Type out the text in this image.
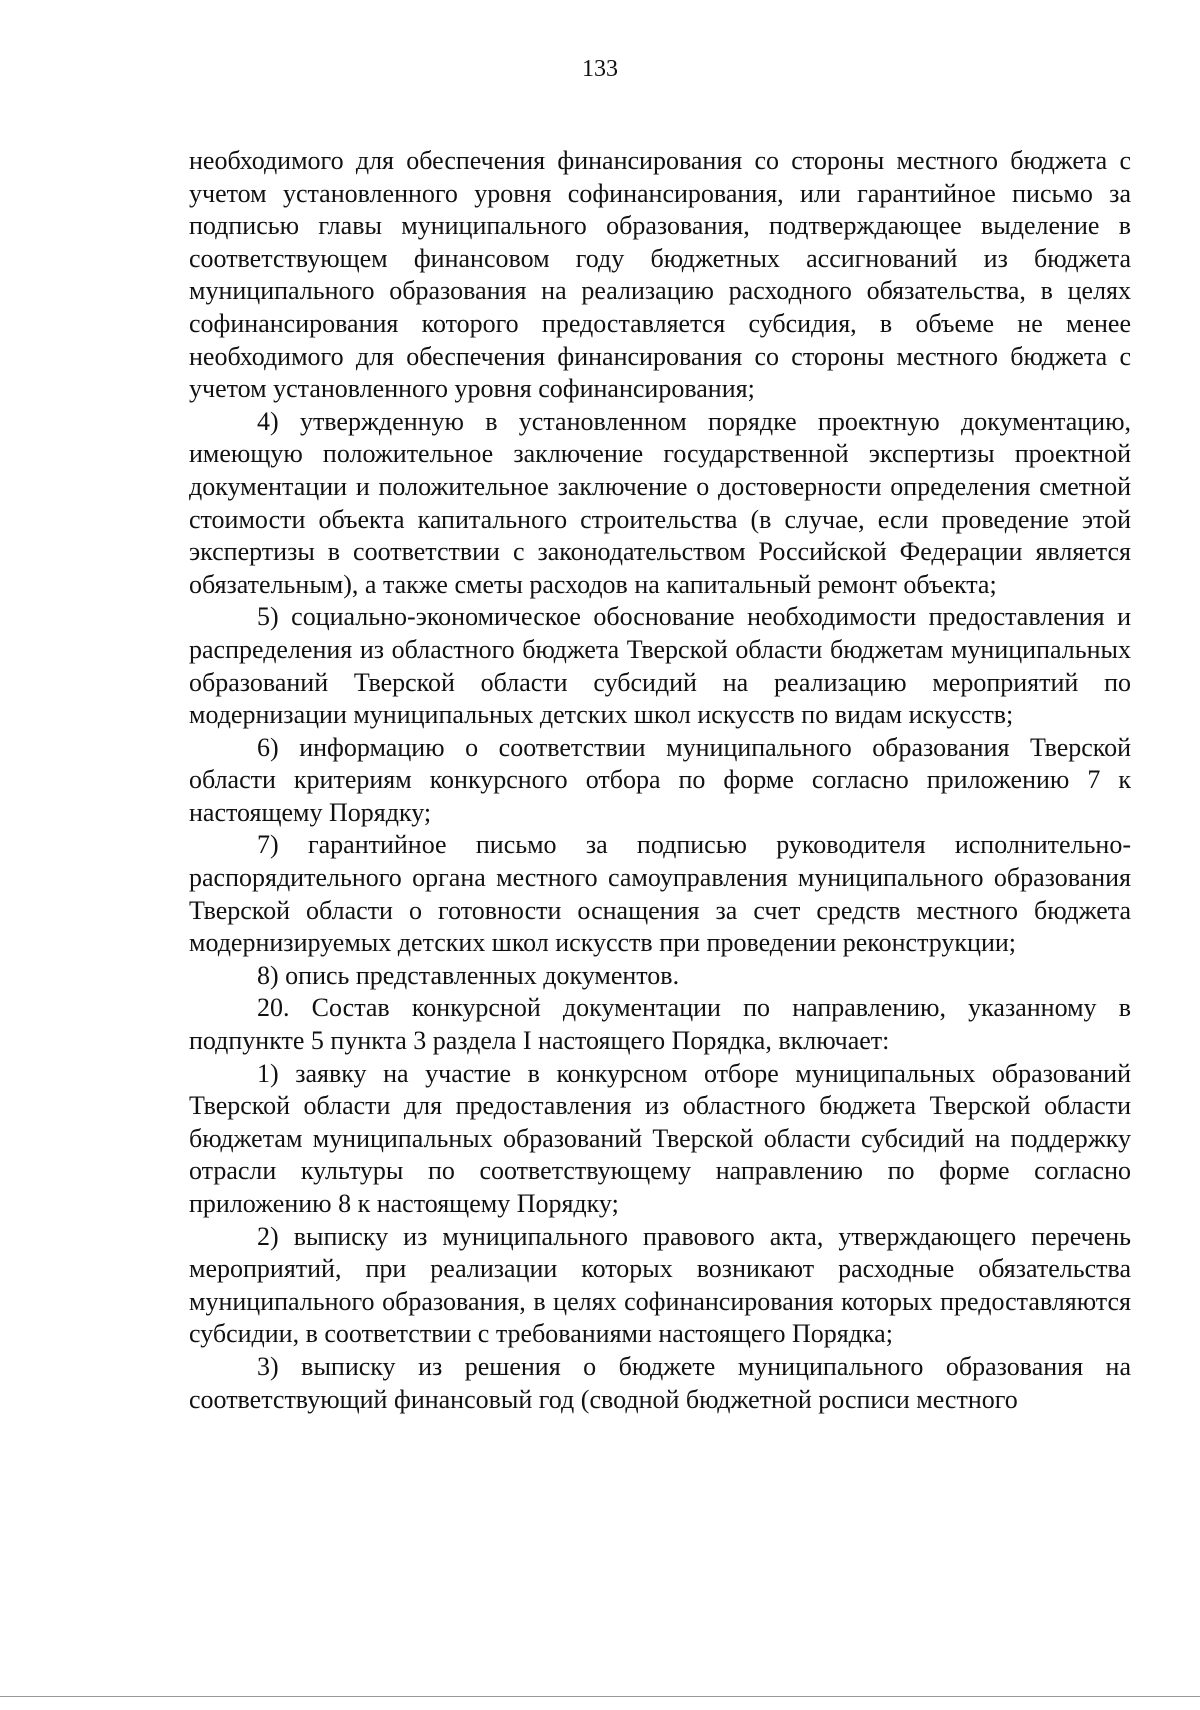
133

необходимого для обеспечения финансирования со стороны местного бюджета с учетом установленного уровня софинансирования, или гарантийное письмо за подписью главы муниципального образования, подтверждающее выделение в соответствующем финансовом году бюджетных ассигнований из бюджета муниципального образования на реализацию расходного обязательства, в целях софинансирования которого предоставляется субсидия, в объеме не менее необходимого для обеспечения финансирования со стороны местного бюджета с учетом установленного уровня софинансирования;

4) утвержденную в установленном порядке проектную документацию, имеющую положительное заключение государственной экспертизы проектной документации и положительное заключение о достоверности определения сметной стоимости объекта капитального строительства (в случае, если проведение этой экспертизы в соответствии с законодательством Российской Федерации является обязательным), а также сметы расходов на капитальный ремонт объекта;

5) социально-экономическое обоснование необходимости предоставления и распределения из областного бюджета Тверской области бюджетам муниципальных образований Тверской области субсидий на реализацию мероприятий по модернизации муниципальных детских школ искусств по видам искусств;

6) информацию о соответствии муниципального образования Тверской области критериям конкурсного отбора по форме согласно приложению 7 к настоящему Порядку;

7) гарантийное письмо за подписью руководителя исполнительно-распорядительного органа местного самоуправления муниципального образования Тверской области о готовности оснащения за счет средств местного бюджета модернизируемых детских школ искусств при проведении реконструкции;

8) опись представленных документов.

20. Состав конкурсной документации по направлению, указанному в подпункте 5 пункта 3 раздела I настоящего Порядка, включает:

1) заявку на участие в конкурсном отборе муниципальных образований Тверской области для предоставления из областного бюджета Тверской области бюджетам муниципальных образований Тверской области субсидий на поддержку отрасли культуры по соответствующему направлению по форме согласно приложению 8 к настоящему Порядку;

2) выписку из муниципального правового акта, утверждающего перечень мероприятий, при реализации которых возникают расходные обязательства муниципального образования, в целях софинансирования которых предоставляются субсидии, в соответствии с требованиями настоящего Порядка;

3) выписку из решения о бюджете муниципального образования на соответствующий финансовый год (сводной бюджетной росписи местного
